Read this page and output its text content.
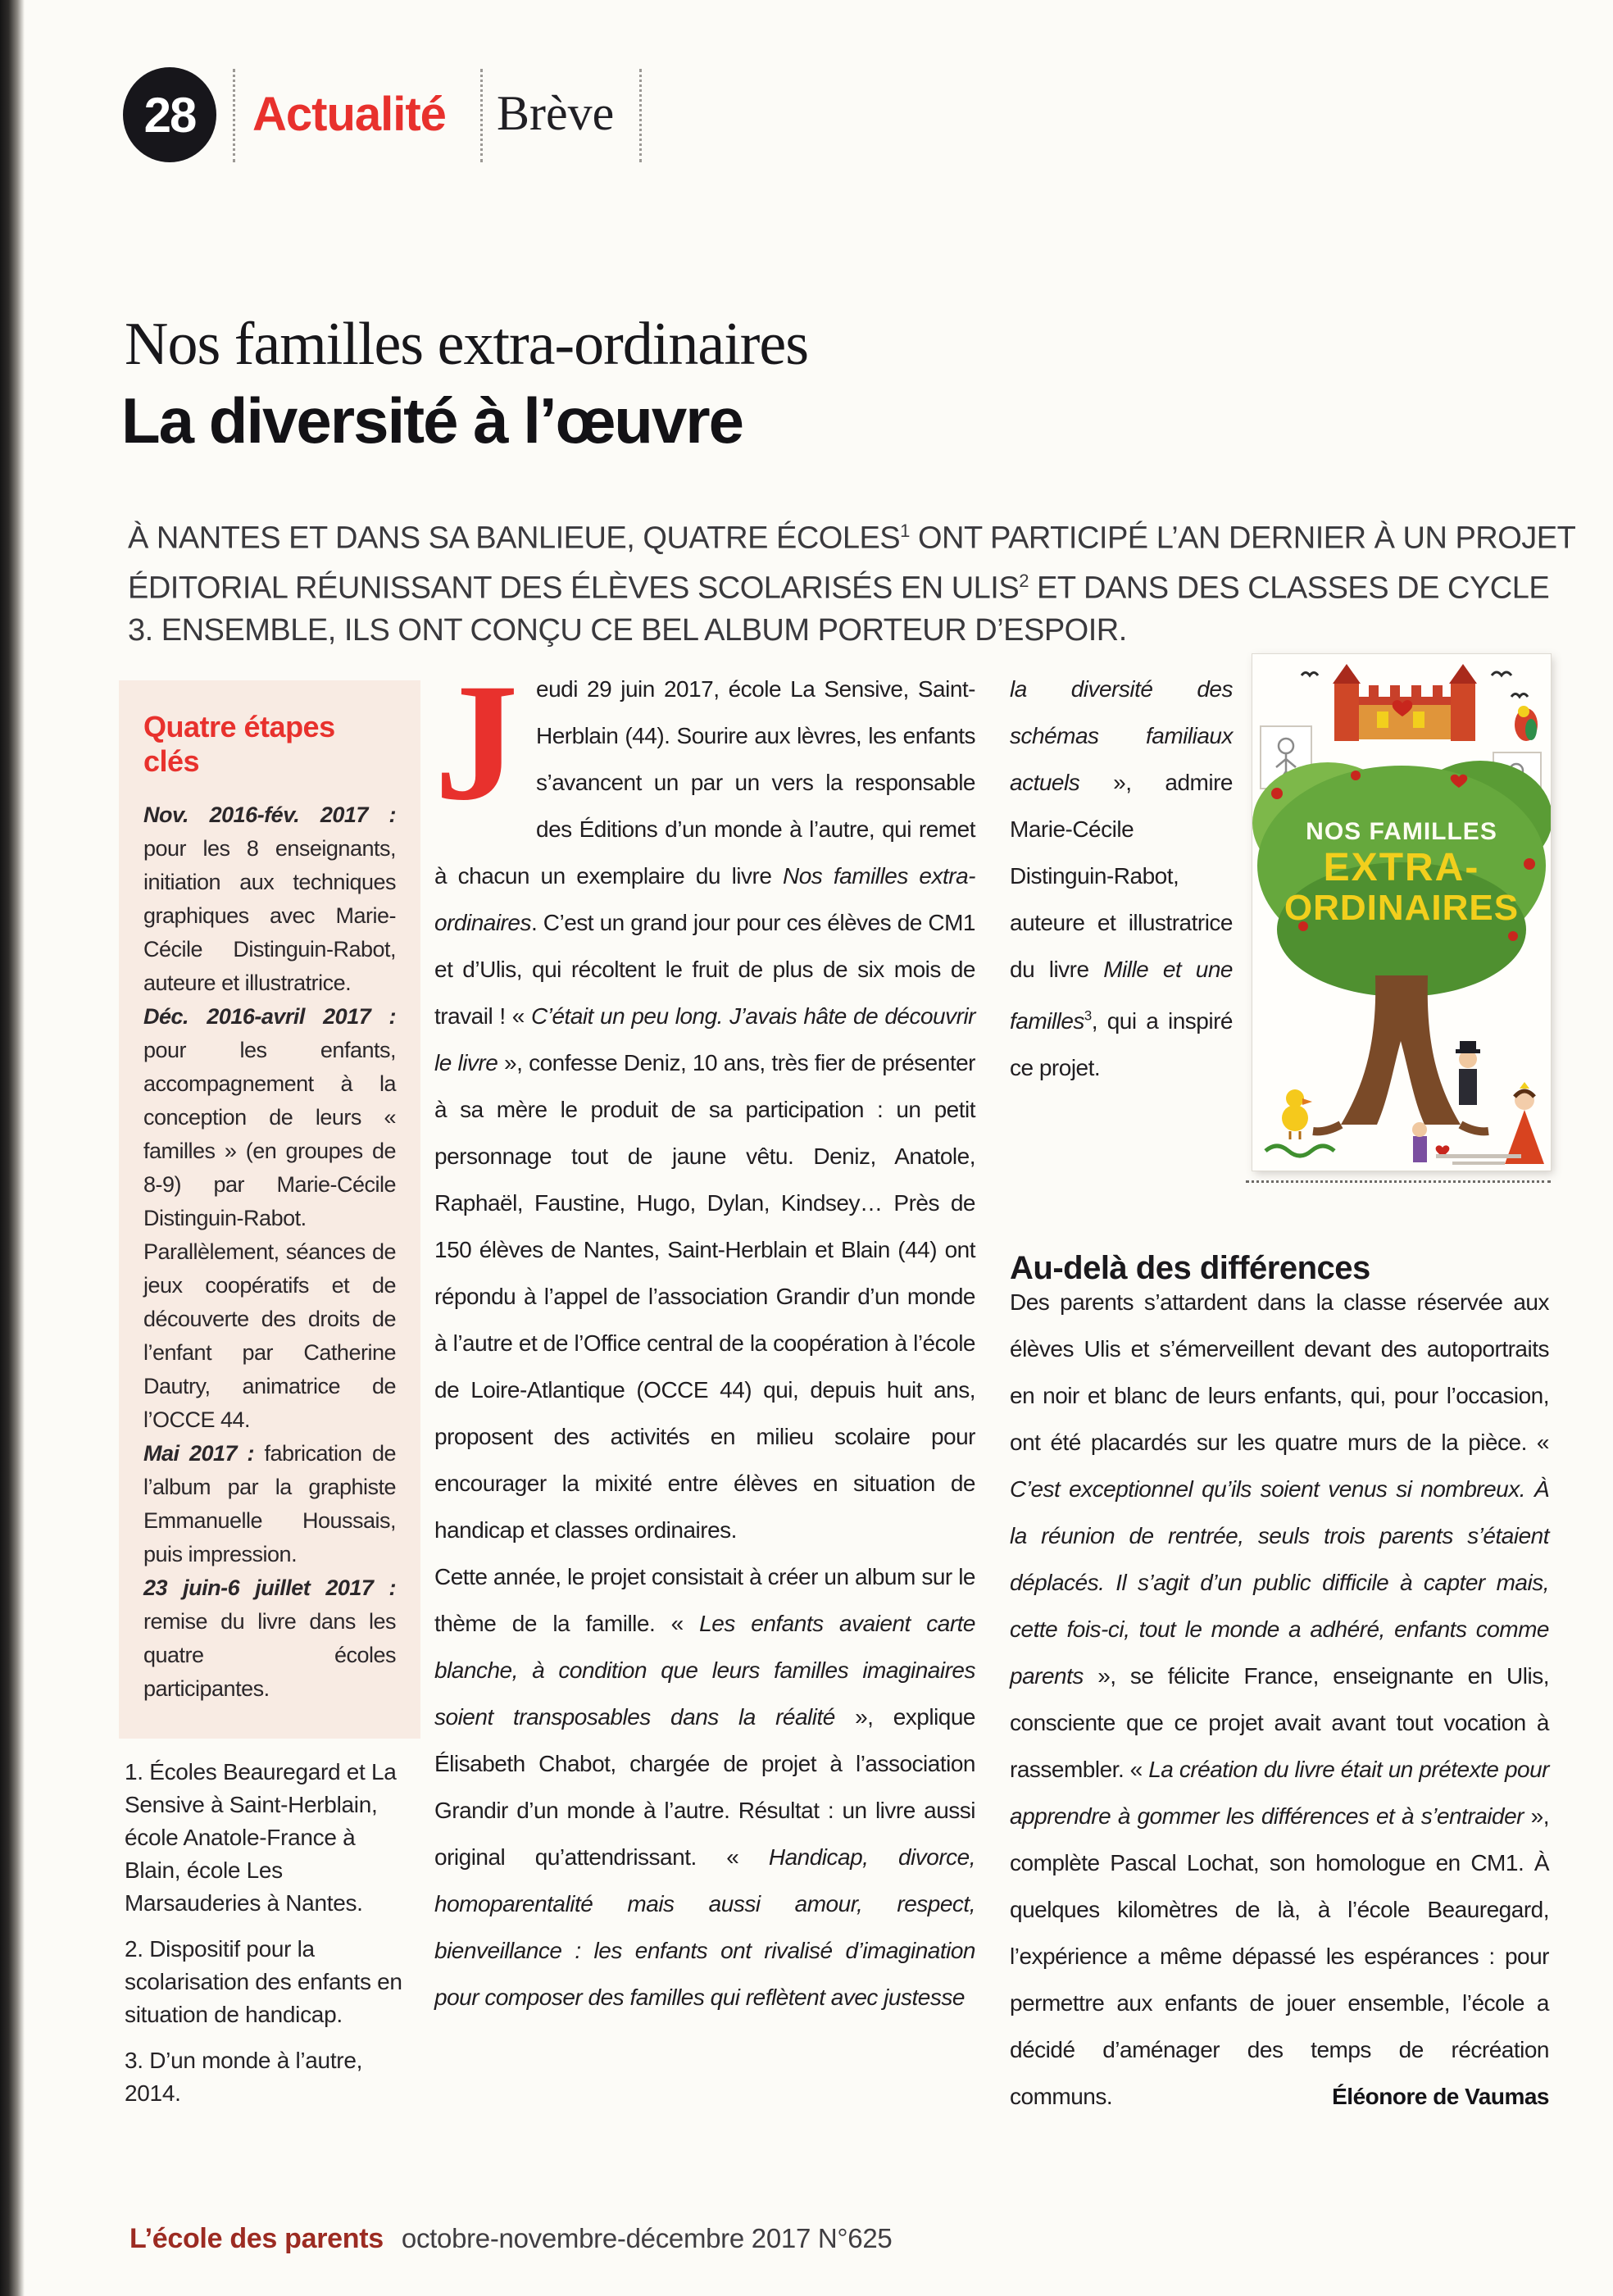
28 Actualité Brève
Nos familles extra-ordinaires
La diversité à l’œuvre
À NANTES ET DANS SA BANLIEUE, QUATRE ÉCOLES$^1$ ONT PARTICIPÉ L’AN DERNIER À UN PROJET ÉDITORIAL RÉUNISSANT DES ÉLÈVES SCOLARISÉS EN ULIS$^2$ ET DANS DES CLASSES DE CYCLE 3. ENSEMBLE, ILS ONT CONÇU CE BEL ALBUM PORTEUR D’ESPOIR.
Quatre étapes clés

Nov. 2016-fév. 2017 : pour les 8 enseignants, initiation aux techniques graphiques avec Marie-Cécile Distinguin-Rabot, auteure et illustratrice.

Déc. 2016-avril 2017 : pour les enfants, accompagnement à la conception de leurs « familles » (en groupes de 8-9) par Marie-Cécile Distinguin-Rabot. Parallèlement, séances de jeux coopératifs et de découverte des droits de l’enfant par Catherine Dautry, animatrice de l’OCCE 44.

Mai 2017 : fabrication de l’album par la graphiste Emmanuelle Houssais, puis impression.

23 juin-6 juillet 2017 : remise du livre dans les quatre écoles participantes.

1. Écoles Beauregard et La Sensive à Saint-Herblain, école Anatole-France à Blain, école Les Marsauderies à Nantes.

2. Dispositif pour la scolarisation des enfants en situation de handicap.

3. D’un monde à l’autre, 2014.

Jeudi 29 juin 2017, école La Sensive, Saint-Herblain (44). Sourire aux lèvres, les enfants s’avancent un par un vers la responsable des Éditions d’un monde à l’autre, qui remet à chacun un exemplaire du livre Nos familles extra-ordinaires. C’est un grand jour pour ces élèves de CM1 et d’Ulis, qui récoltent le fruit de plus de six mois de travail ! « C’était un peu long. J’avais hâte de découvrir le livre », confesse Deniz, 10 ans, très fier de présenter à sa mère le produit de sa participation : un petit personnage tout de jaune vêtu. Deniz, Anatole, Raphaël, Faustine, Hugo, Dylan, Kindsey… Près de 150 élèves de Nantes, Saint-Herblain et Blain (44) ont répondu à l’appel de l’association Grandir d’un monde à l’autre et de l’Office central de la coopération à l’école de Loire-Atlantique (OCCE 44) qui, depuis huit ans, proposent des activités en milieu scolaire pour encourager la mixité entre élèves en situation de handicap et classes ordinaires.

Cette année, le projet consistait à créer un album sur le thème de la famille. « Les enfants avaient carte blanche, à condition que leurs familles imaginaires soient transposables dans la réalité », explique Élisabeth Chabot, chargée de projet à l’association Grandir d’un monde à l’autre. Résultat : un livre aussi original qu’attendrissant. « Handicap, divorce, homoparentalité mais aussi amour, respect, bienveillance : les enfants ont rivalisé d’imagination pour composer des familles qui reflètent avec justesse

la diversité des schémas familiaux actuels », admire Marie-Cécile Distinguin-Rabot, auteure et illustratrice du livre Mille et une familles$^3$, qui a inspiré ce projet.

NOS FAMILLES
EXTRA-
ORDINAIRES
Au-delà des différences

Des parents s’attardent dans la classe réservée aux élèves Ulis et s’émerveillent devant des autoportraits en noir et blanc de leurs enfants, qui, pour l’occasion, ont été placardés sur les quatre murs de la pièce. « C’est exceptionnel qu’ils soient venus si nombreux. À la réunion de rentrée, seuls trois parents s’étaient déplacés. Il s’agit d’un public difficile à capter mais, cette fois-ci, tout le monde a adhéré, enfants comme parents », se félicite France, enseignante en Ulis, consciente que ce projet avait avant tout vocation à rassembler. « La création du livre était un prétexte pour apprendre à gommer les différences et à s’entraider », complète Pascal Lochat, son homologue en CM1. À quelques kilomètres de là, à l’école Beauregard, l’expérience a même dépassé les espérances : pour permettre aux enfants de jouer ensemble, l’école a décidé d’aménager des temps de récréation communs.	Éléonore de Vaumas

L’école des parents octobre-novembre-décembre 2017 N°625
